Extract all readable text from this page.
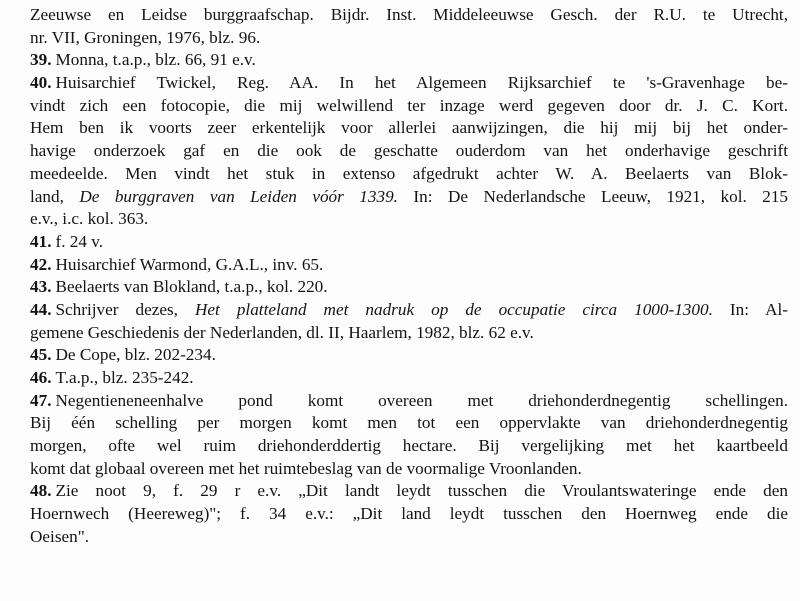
Zeeuwse en Leidse burggraafschap. Bijdr. Inst. Middeleeuwse Gesch. der R.U. te Utrecht,
nr. VII, Groningen, 1976, blz. 96.
39. Monna, t.a.p., blz. 66, 91 e.v.
40. Huisarchief Twickel, Reg. AA. In het Algemeen Rijksarchief te 's-Gravenhage be-
vindt zich een fotocopie, die mij welwillend ter inzage werd gegeven door dr. J. C. Kort.
Hem ben ik voorts zeer erkentelijk voor allerlei aanwijzingen, die hij mij bij het onder-
havige onderzoek gaf en die ook de geschatte ouderdom van het onderhavige geschrift
meedeelde. Men vindt het stuk in extenso afgedrukt achter W. A. Beelaerts van Blok-
land, De burggraven van Leiden vóór 1339. In: De Nederlandsche Leeuw, 1921, kol. 215
e.v., i.c. kol. 363.
41. f. 24 v.
42. Huisarchief Warmond, G.A.L., inv. 65.
43. Beelaerts van Blokland, t.a.p., kol. 220.
44. Schrijver dezes, Het platteland met nadruk op de occupatie circa 1000-1300. In: Al-
gemene Geschiedenis der Nederlanden, dl. II, Haarlem, 1982, blz. 62 e.v.
45. De Cope, blz. 202-234.
46. T.a.p., blz. 235-242.
47. Negentieneneenhalve pond komt overeen met driehonderdnegentig schellingen.
Bij één schelling per morgen komt men tot een oppervlakte van driehonderdnegentig
morgen, ofte wel ruim driehonderddertig hectare. Bij vergelijking met het kaartbeeld
komt dat globaal overeen met het ruimtebeslag van de voormalige Vroonlanden.
48. Zie noot 9, f. 29 r e.v. „Dit landt leydt tusschen die Vroulantswateringe ende den
Hoernwech (Heereweg)"; f. 34 e.v.: „Dit land leydt tusschen den Hoernweg ende die
Oeisen".
